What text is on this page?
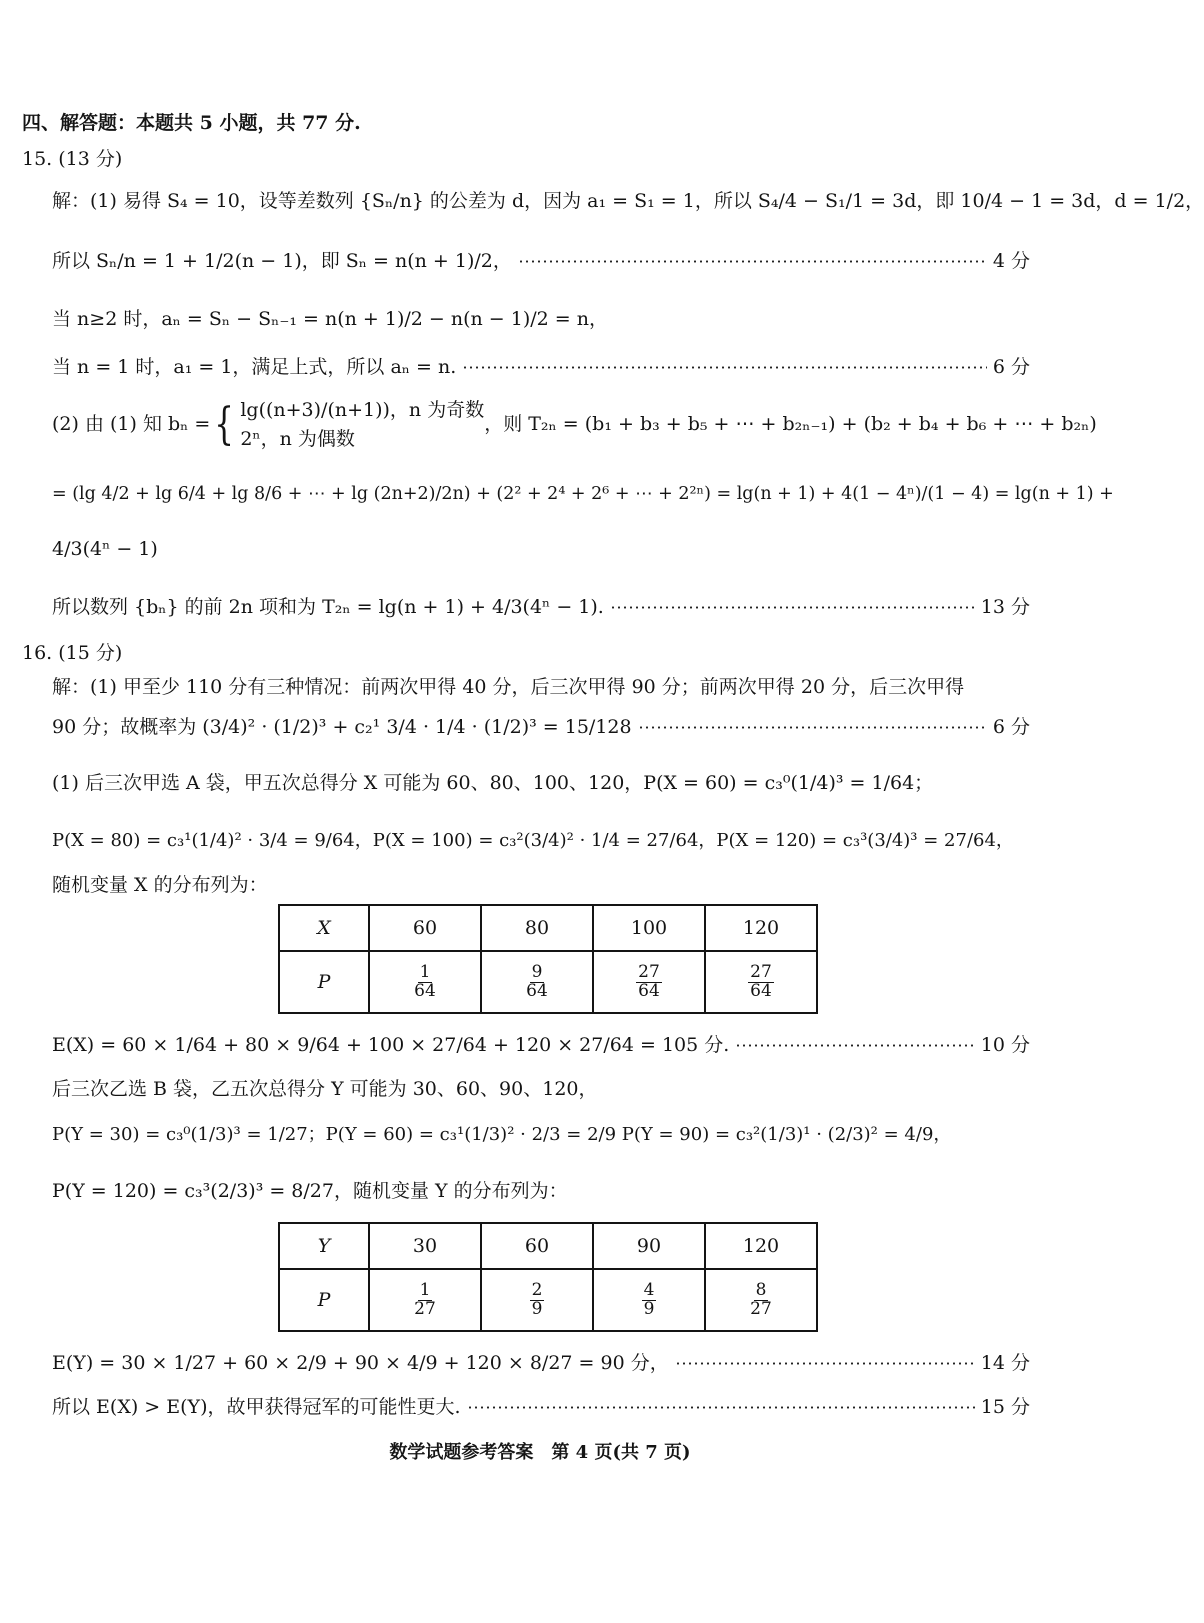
四、解答题：本题共 5 小题，共 77 分.
15. (13 分)
解：(1) 易得 S₄ = 10，设等差数列 {Sₙ/n} 的公差为 d，因为 a₁ = S₁ = 1，所以 S₄/4 − S₁/1 = 3d，即 10/4 − 1 = 3d，d = 1/2，
所以 Sₙ/n = 1 + 1/2(n − 1)，即 Sₙ = n(n + 1)/2，	4 分
当 n≥2 时，aₙ = Sₙ − Sₙ₋₁ = n(n + 1)/2 − n(n − 1)/2 = n，
当 n = 1 时，a₁ = 1，满足上式，所以 aₙ = n.	6 分
(2) 由 (1) 知 bₙ = { lg((n+3)/(n+1))，n 为奇数
2ⁿ，n 为偶数
，则 T₂ₙ = (b₁ + b₃ + b₅ + ⋯ + b₂ₙ₋₁) + (b₂ + b₄ + b₆ + ⋯ + b₂ₙ)
= (lg 4/2 + lg 6/4 + lg 8/6 + ⋯ + lg (2n+2)/2n) + (2² + 2⁴ + 2⁶ + ⋯ + 2²ⁿ) = lg(n + 1) + 4(1 − 4ⁿ)/(1 − 4) = lg(n + 1) +
4/3(4ⁿ − 1)
所以数列 {bₙ} 的前 2n 项和为 T₂ₙ = lg(n + 1) + 4/3(4ⁿ − 1).	13 分
16. (15 分)
解：(1) 甲至少 110 分有三种情况：前两次甲得 40 分，后三次甲得 90 分；前两次甲得 20 分，后三次甲得
90 分；故概率为 (3/4)² · (1/2)³ + c₂¹ 3/4 · 1/4 · (1/2)³ = 15/128	6 分
(1) 后三次甲选 A 袋，甲五次总得分 X 可能为 60、80、100、120，P(X = 60) = c₃⁰(1/4)³ = 1/64；
P(X = 80) = c₃¹(1/4)² · 3/4 = 9/64，P(X = 100) = c₃²(3/4)² · 1/4 = 27/64，P(X = 120) = c₃³(3/4)³ = 27/64，
随机变量 X 的分布列为：
X	60	80	100	120
P	$\frac{1}{64}$	$\frac{9}{64}$	$\frac{27}{64}$	$\frac{27}{64}$
E(X) = 60 × 1/64 + 80 × 9/64 + 100 × 27/64 + 120 × 27/64 = 105 分.	10 分
后三次乙选 B 袋，乙五次总得分 Y 可能为 30、60、90、120，
P(Y = 30) = c₃⁰(1/3)³ = 1/27；P(Y = 60) = c₃¹(1/3)² · 2/3 = 2/9 P(Y = 90) = c₃²(1/3)¹ · (2/3)² = 4/9，
P(Y = 120) = c₃³(2/3)³ = 8/27，随机变量 Y 的分布列为：
Y	30	60	90	120
P	$\frac{1}{27}$	$\frac{2}{9}$	$\frac{4}{9}$	$\frac{8}{27}$
E(Y) = 30 × 1/27 + 60 × 2/9 + 90 × 4/9 + 120 × 8/27 = 90 分，	14 分
所以 E(X) > E(Y)，故甲获得冠军的可能性更大.	15 分
数学试题参考答案　第 4 页(共 7 页)
